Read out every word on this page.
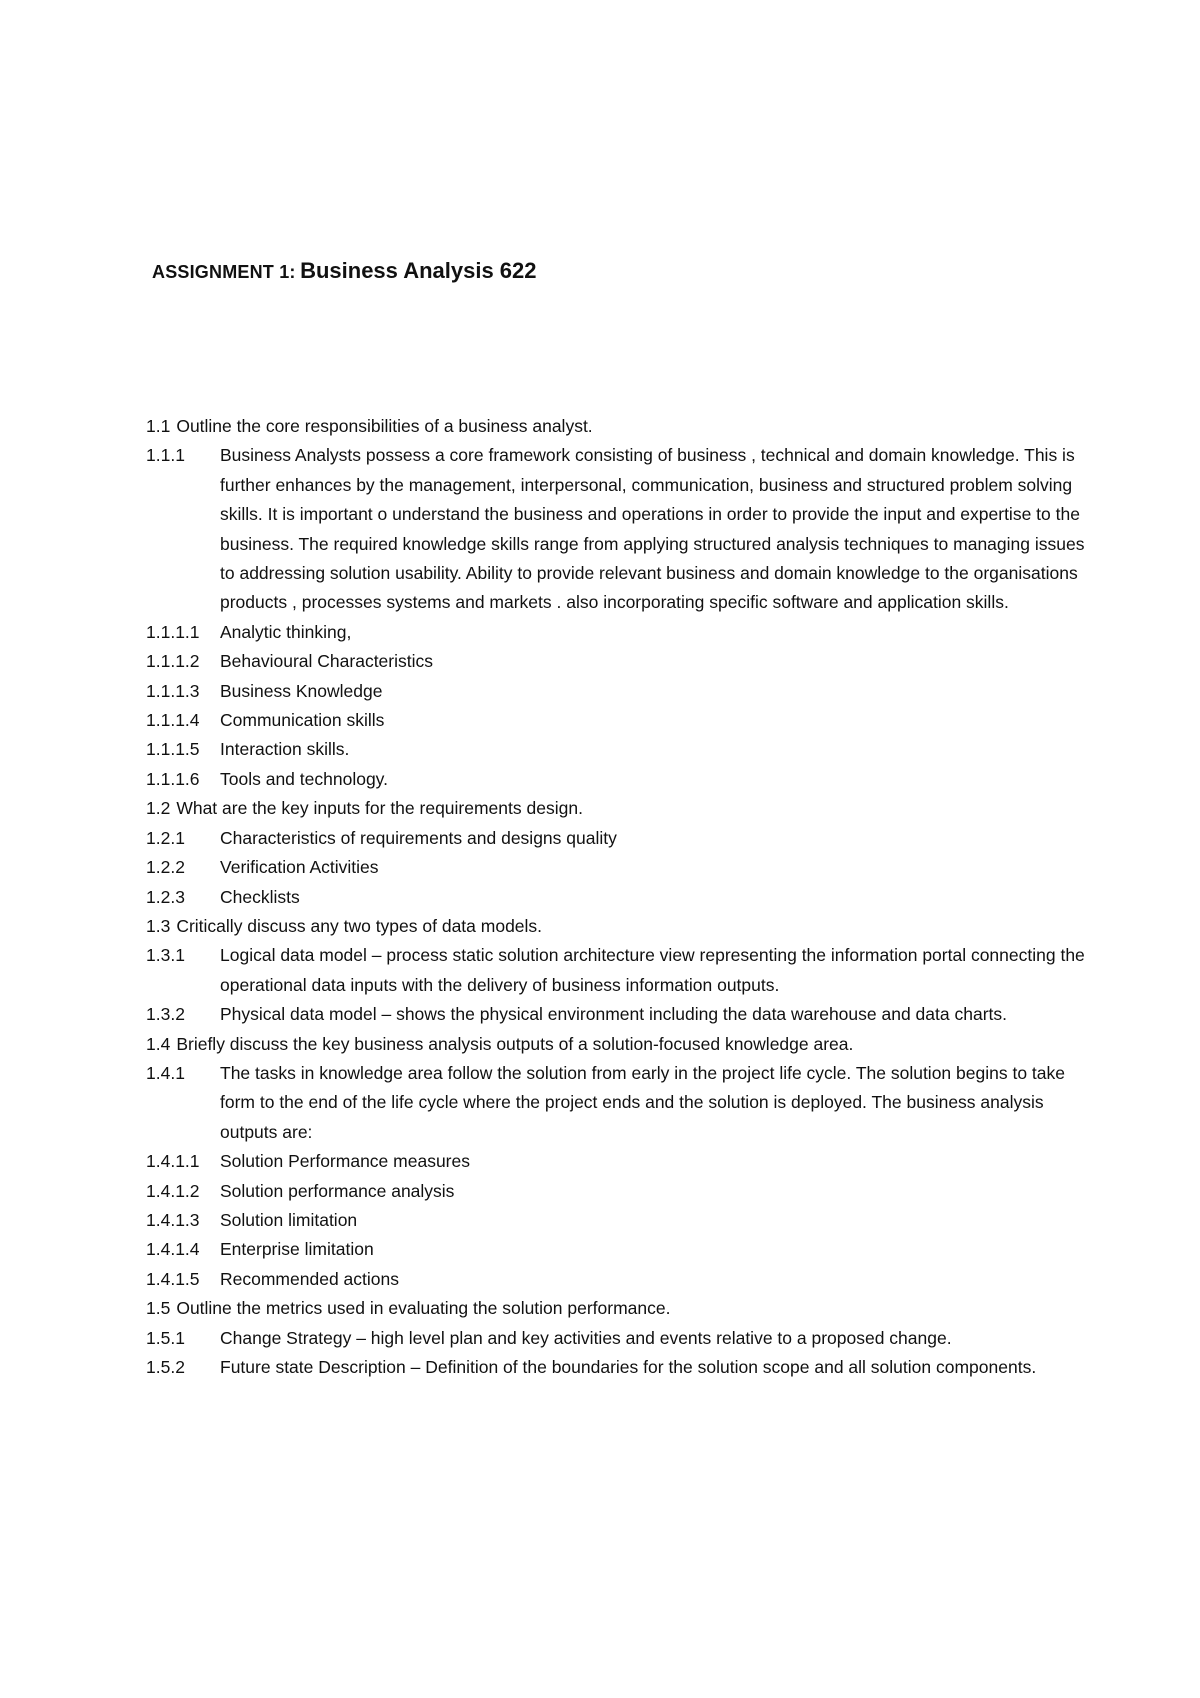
ASSIGNMENT 1: Business Analysis 622
1.1 Outline the core responsibilities of a business analyst.
1.1.1	Business Analysts possess a core framework consisting of business , technical and domain knowledge. This is further enhances by the management, interpersonal, communication, business and structured problem solving skills. It is important o understand the business and operations in order to provide the input and expertise to the business. The required knowledge skills range from applying structured analysis techniques to managing issues to addressing solution usability. Ability to provide relevant business and domain knowledge to the organisations products , processes systems and markets . also incorporating specific software and application skills.
1.1.1.1	Analytic thinking,
1.1.1.2	Behavioural Characteristics
1.1.1.3	Business Knowledge
1.1.1.4	Communication skills
1.1.1.5	Interaction skills.
1.1.1.6	Tools and technology.
1.2 What are the key inputs for the requirements design.
1.2.1	Characteristics of requirements and designs quality
1.2.2	Verification Activities
1.2.3	Checklists
1.3 Critically discuss any two types of data models.
1.3.1	Logical data model – process static solution architecture view representing the information portal connecting the operational data inputs with the delivery of business information outputs.
1.3.2	Physical data model – shows the physical environment including the data warehouse and data charts.
1.4 Briefly discuss the key business analysis outputs of a solution-focused knowledge area.
1.4.1	The tasks in knowledge area follow the solution from early in the project life cycle. The solution begins to take form to the end of the life cycle where the project ends and the solution is deployed. The business analysis outputs are:
1.4.1.1	Solution Performance measures
1.4.1.2	Solution performance analysis
1.4.1.3	Solution limitation
1.4.1.4	Enterprise limitation
1.4.1.5	Recommended actions
1.5 Outline the metrics used in evaluating the solution performance.
1.5.1	Change Strategy – high level plan and key activities and events relative to a proposed change.
1.5.2	Future state Description – Definition of the boundaries for the solution scope and all solution components.
